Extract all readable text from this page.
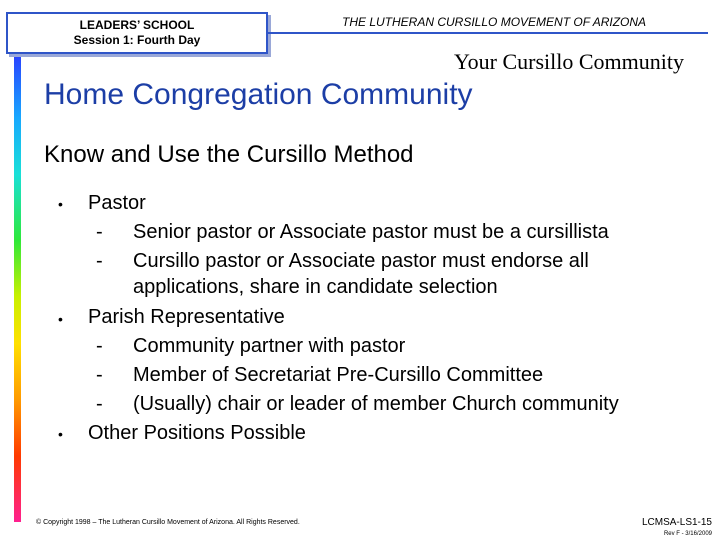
LEADERS’ SCHOOL
Session 1: Fourth Day
THE LUTHERAN CURSILLO MOVEMENT OF ARIZONA
Your Cursillo Community
Home Congregation Community
Know and Use the Cursillo Method
• Pastor
- Senior pastor or Associate pastor must be a cursillista
- Cursillo pastor or Associate pastor must endorse all
applications, share in candidate selection
• Parish Representative
- Community partner with pastor
- Member of Secretariat Pre-Cursillo Committee
- (Usually) chair or leader of member Church community
• Other Positions Possible
© Copyright 1998 – The Lutheran Cursillo Movement of Arizona. All Rights Reserved.	LCMSA-LS1-15
Rev F - 3/16/2009
